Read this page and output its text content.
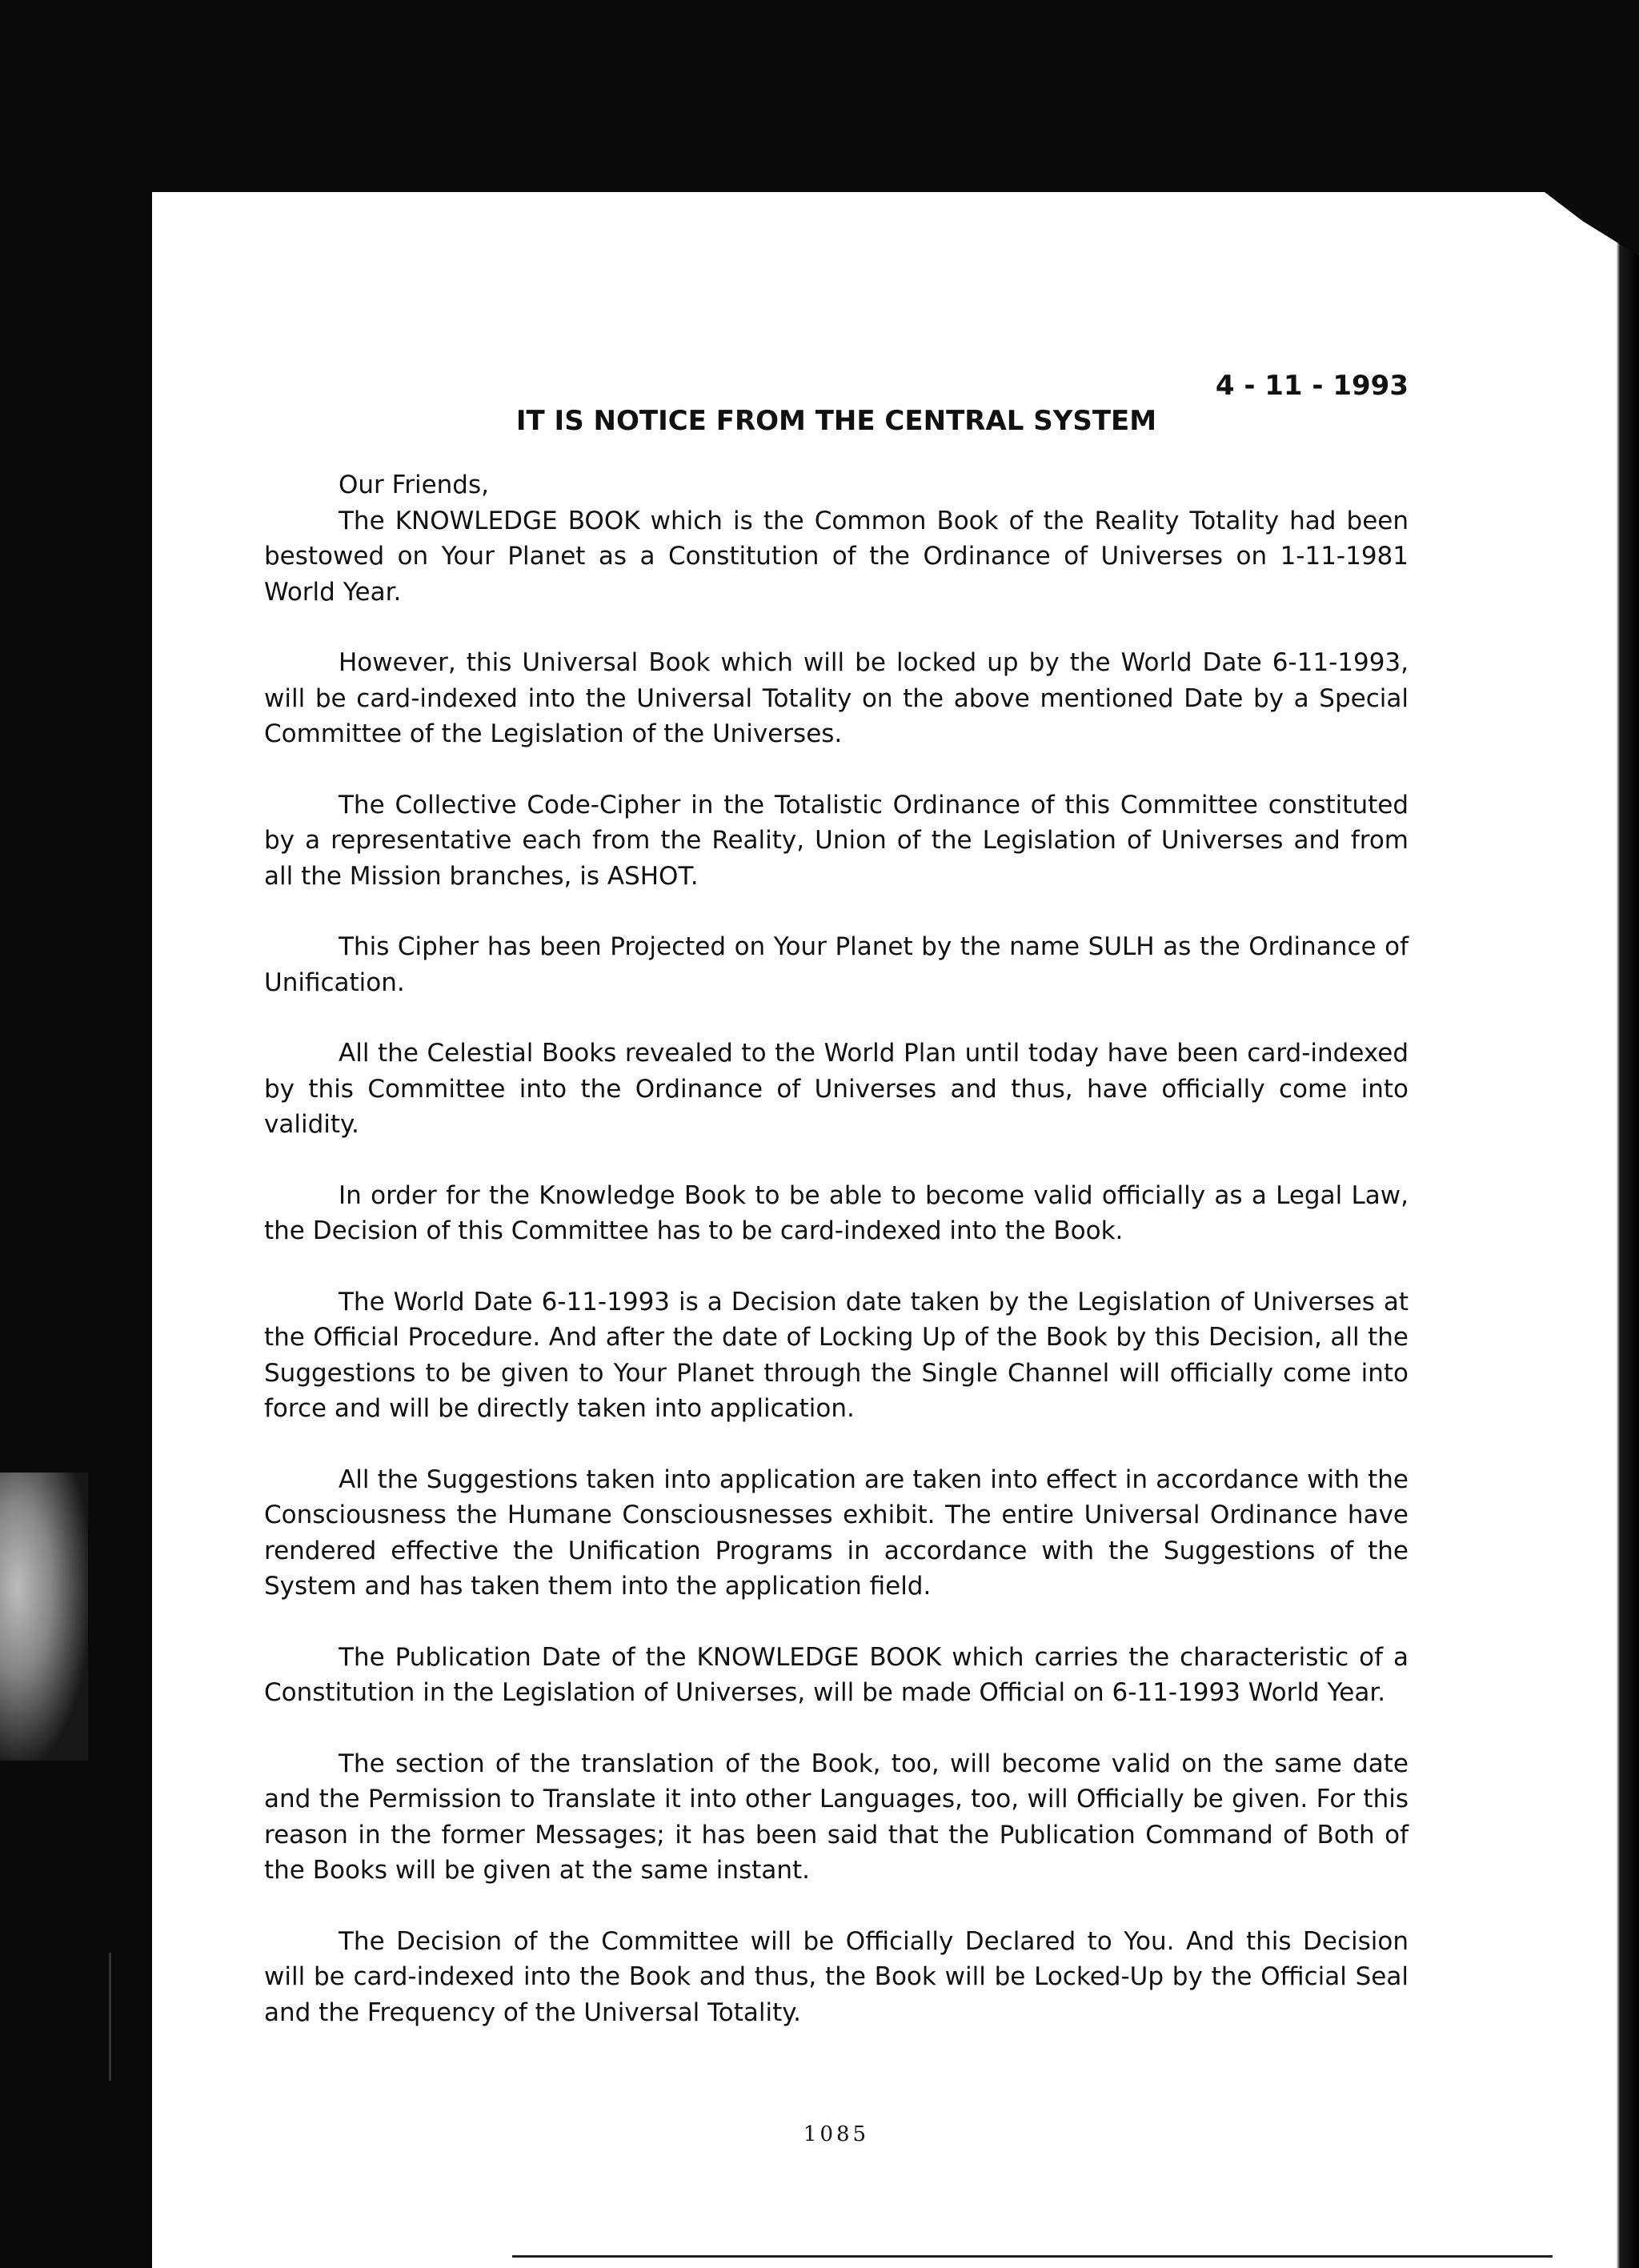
4 - 11 - 1993

IT IS NOTICE FROM THE CENTRAL SYSTEM

Our Friends,

The KNOWLEDGE BOOK which is the Common Book of the Reality Totality had been bestowed on Your Planet as a Constitution of the Ordinance of Universes on 1-11-1981 World Year.

However, this Universal Book which will be locked up by the World Date 6-11-1993, will be card-indexed into the Universal Totality on the above mentioned Date by a Special Committee of the Legislation of the Universes.

The Collective Code-Cipher in the Totalistic Ordinance of this Committee constituted by a representative each from the Reality, Union of the Legislation of Universes and from all the Mission branches, is ASHOT.

This Cipher has been Projected on Your Planet by the name SULH as the Ordinance of Unification.

All the Celestial Books revealed to the World Plan until today have been card-indexed by this Committee into the Ordinance of Universes and thus, have officially come into validity.

In order for the Knowledge Book to be able to become valid officially as a Legal Law, the Decision of this Committee has to be card-indexed into the Book.

The World Date 6-11-1993 is a Decision date taken by the Legislation of Universes at the Official Procedure. And after the date of Locking Up of the Book by this Decision, all the Suggestions to be given to Your Planet through the Single Channel will officially come into force and will be directly taken into application.

All the Suggestions taken into application are taken into effect in accordance with the Consciousness the Humane Consciousnesses exhibit. The entire Universal Ordinance have rendered effective the Unification Programs in accordance with the Suggestions of the System and has taken them into the application field.

The Publication Date of the KNOWLEDGE BOOK which carries the characteristic of a Constitution in the Legislation of Universes, will be made Official on 6-11-1993 World Year.

The section of the translation of the Book, too, will become valid on the same date and the Permission to Translate it into other Languages, too, will Officially be given. For this reason in the former Messages; it has been said that the Publication Command of Both of the Books will be given at the same instant.

The Decision of the Committee will be Officially Declared to You. And this Decision will be card-indexed into the Book and thus, the Book will be Locked-Up by the Official Seal and the Frequency of the Universal Totality.

1085
